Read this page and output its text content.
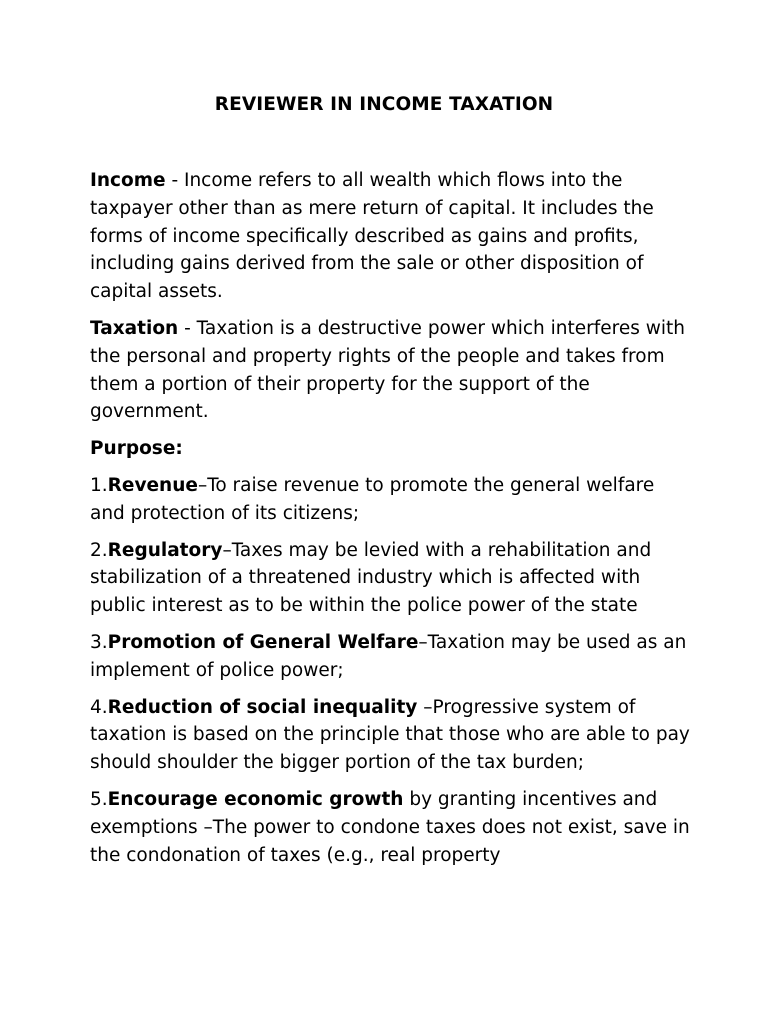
REVIEWER IN INCOME TAXATION

Income - Income refers to all wealth which flows into the taxpayer other than as mere return of capital. It includes the forms of income specifically described as gains and profits, including gains derived from the sale or other disposition of capital assets.

Taxation - Taxation is a destructive power which interferes with the personal and property rights of the people and takes from them a portion of their property for the support of the government.

Purpose:

1.Revenue–To raise revenue to promote the general welfare and protection of its citizens;

2.Regulatory–Taxes may be levied with a rehabilitation and stabilization of a threatened industry which is affected with public interest as to be within the police power of the state

3.Promotion of General Welfare–Taxation may be used as an implement of police power;

4.Reduction of social inequality –Progressive system of taxation is based on the principle that those who are able to pay should shoulder the bigger portion of the tax burden;

5.Encourage economic growth by granting incentives and exemptions –The power to condone taxes does not exist, save in the condonation of taxes (e.g., real property
